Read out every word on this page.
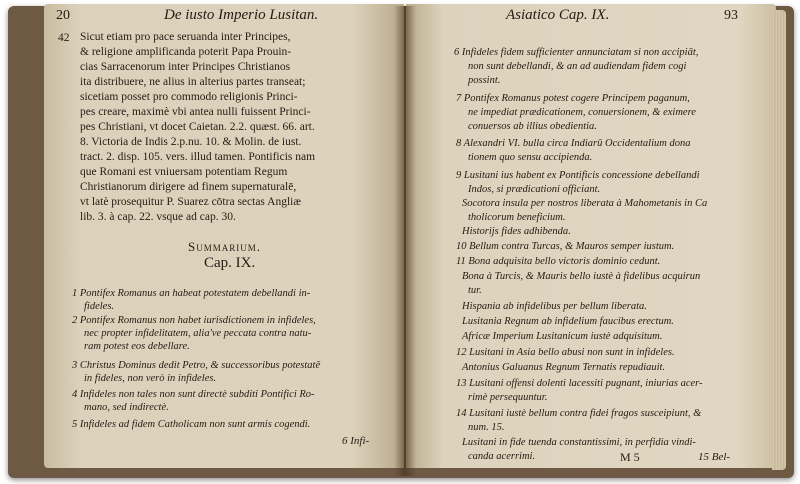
20	De iusto Imperio Lusitan.
42 Sicut etiam pro pace seruanda inter Principes,
& religione amplificanda poterit Papa Prouin-
cias Sarracenorum inter Principes Christianos
ita distribuere, ne alius in alterius partes transeat;
sicetiam posset pro commodo religionis Princi-
pes creare, maximè vbi antea nulli fuissent Princi-
pes Christiani, vt docet Caietan. 2.2. quæst. 66. art.
8. Victoria de Indis 2.p.nu. 10. & Molin. de iust.
tract. 2. disp. 105. vers. illud tamen. Pontificis nam
que Romani est vniuersam potentiam Regum
Christianorum dirigere ad finem supernaturalē,
vt latè prosequitur P. Suarez cōtra sectas Angliæ
lib. 3. à cap. 22. vsque ad cap. 30.
Summarium.
Cap. IX.
1 Pontifex Romanus an habeat potestatem debellandi in-
fideles.
2 Pontifex Romanus non habet iurisdictionem in infideles,
nec propter infidelitatem, alia've peccata contra natu-
ram potest eos debellare.
3 Christus Dominus dedit Petro, & successoribus potestatē
in fideles, non verò in infideles.
4 Infideles non tales non sunt directè subditi Pontifici Ro-
mano, sed indirectè.
5 Infideles ad fidem Catholicam non sunt armis cogendi.
6 Infi-
Asiatico Cap. IX.	93
6 Infideles fidem sufficienter annunciatam si non accipiāt,
non sunt debellandi, & an ad audiendam fidem cogi
possint.
7 Pontifex Romanus potest cogere Principem paganum,
ne impediat prædicationem, conuersionem, & eximere
conuersos ab illius obedientia.
8 Alexandri VI. bulla circa Indiarū Occidentalium dona
tionem quo sensu accipienda.
9 Lusitani ius habent ex Pontificis concessione debellandi
Indos, si prædicationi officiant.
Socotora insula per nostros liberata à Mahometanis in Ca
tholicorum beneficium.
Historijs fides adhibenda.
10 Bellum contra Turcas, & Mauros semper iustum.
11 Bona adquisita bello victoris dominio cedunt.
Bona à Turcis, & Mauris bello iustè à fidelibus acquirun
tur.
Hispania ab infidelibus per bellum liberata.
Lusitania Regnum ab infidelium faucibus erectum.
Africæ Imperium Lusitanicum iustè adquisitum.
12 Lusitani in Asia bello abusi non sunt in infideles.
Antonius Galuanus Regnum Ternatis repudiauit.
13 Lusitani offensi dolenti lacessiti pugnant, iniurias acer-
rimè persequuntur.
14 Lusitani iustè bellum contra fidei fragos susceipiunt, &
num. 15.
Lusitani in fide tuenda constantissimi, in perfidia vindi-
canda acerrimi.	M 5	15 Bel-
